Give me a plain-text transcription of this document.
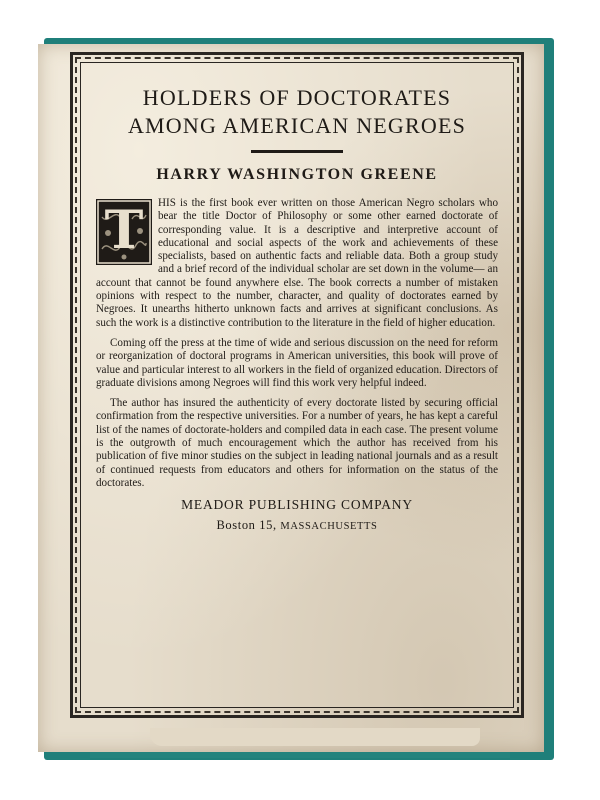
HOLDERS OF DOCTORATES
AMONG AMERICAN NEGROES
HARRY WASHINGTON GREENE

T	HIS is the first book ever written on those American Negro scholars who bear the title Doctor of Philosophy or some other earned doctorate of corresponding value. It is a descriptive and interpretive account of educational and social aspects of the work and achievements of these specialists, based on authentic facts and reliable data. Both a group study and a brief record of the individual scholar are set down in the volume— an account that cannot be found anywhere else. The book corrects a number of mistaken opinions with respect to the number, character, and quality of doctorates earned by Negroes. It unearths hitherto unknown facts and arrives at significant conclusions. As such the work is a distinctive contribution to the literature in the field of higher education.

Coming off the press at the time of wide and serious discussion on the need for reform or reorganization of doctoral programs in American universities, this book will prove of value and particular interest to all workers in the field of organized education. Directors of graduate divisions among Negroes will find this work very helpful indeed.

The author has insured the authenticity of every doctorate listed by securing official confirmation from the respective universities. For a number of years, he has kept a careful list of the names of doctorate-holders and compiled data in each case. The present volume is the outgrowth of much encouragement which the author has received from his publication of five minor studies on the subject in leading national journals and as a result of continued requests from educators and others for information on the status of the doctorates.

MEADOR PUBLISHING COMPANY
Boston 15, MASSACHUSETTS
